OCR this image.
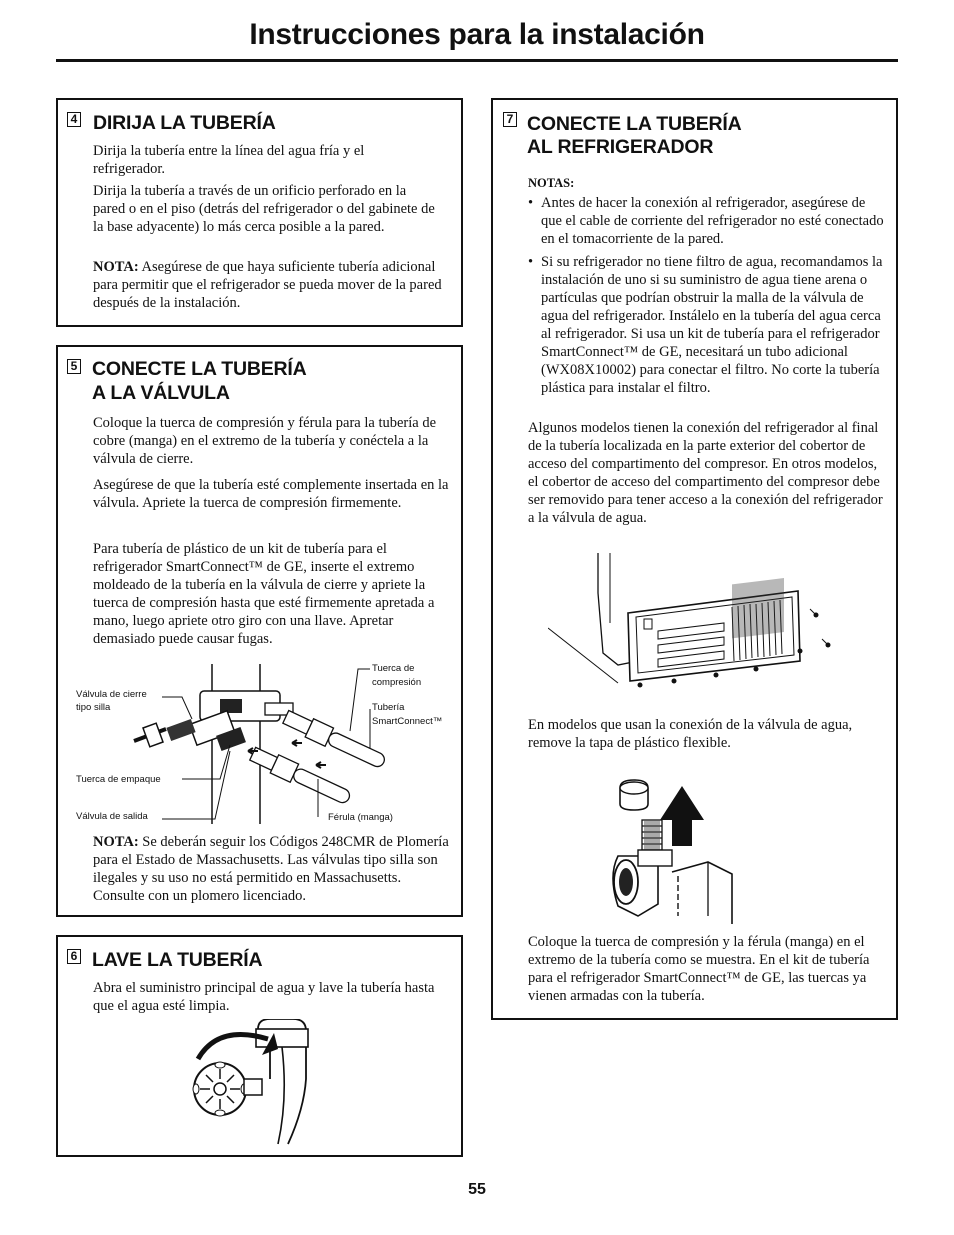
Instrucciones para la instalación
4 DIRIJA LA TUBERÍA

Dirija la tubería entre la línea del agua fría y el refrigerador.

Dirija la tubería a través de un orificio perforado en la pared o en el piso (detrás del refrigerador o del gabinete de la base adyacente) lo más cerca posible a la pared.

NOTA: Asegúrese de que haya suficiente tubería adicional para permitir que el refrigerador se pueda mover de la pared después de la instalación.

5 CONECTE LA TUBERÍA
A LA VÁLVULA

Coloque la tuerca de compresión y férula para la tubería de cobre (manga) en el extremo de la tubería y conéctela a la válvula de cierre.

Asegúrese de que la tubería esté complemente insertada en la válvula. Apriete la tuerca de compresión firmemente.

Para tubería de plástico de un kit de tubería para el refrigerador SmartConnect™ de GE, inserte el extremo moldeado de la tubería en la válvula de cierre y apriete la tuerca de compresión hasta que esté firmemente apretada a mano, luego apriete otro giro con una llave. Apretar demasiado puede causar fugas.

Válvula de cierre
tipo silla
Tuerca de empaque
Válvula de salida
Tuerca de
compresión
Tubería
SmartConnect™
Férula (manga)

NOTA: Se deberán seguir los Códigos 248CMR de Plomería para el Estado de Massachusetts. Las válvulas tipo silla son ilegales y su uso no está permitido en Massachusetts. Consulte con un plomero licenciado.

6 LAVE LA TUBERÍA

Abra el suministro principal de agua y lave la tubería hasta que el agua esté limpia.

7 CONECTE LA TUBERÍA
AL REFRIGERADOR
NOTAS:
• Antes de hacer la conexión al refrigerador, asegúrese de que el cable de corriente del refrigerador no esté conectado en el tomacorriente de la pared.
• Si su refrigerador no tiene filtro de agua, recomandamos la instalación de uno si su suministro de agua tiene arena o partículas que podrían obstruir la malla de la válvula de agua del refrigerador. Instálelo en la tubería del agua cerca al refrigerador. Si usa un kit de tubería para el refrigerador SmartConnect™ de GE, necesitará un tubo adicional (WX08X10002) para conectar el filtro. No corte la tubería plástica para instalar el filtro.

Algunos modelos tienen la conexión del refrigerador al final de la tubería localizada en la parte exterior del cobertor de acceso del compartimento del compresor. En otros modelos, el cobertor de acceso del compartimento del compresor debe ser removido para tener acceso a la conexión del refrigerador a la válvula de agua.

En modelos que usan la conexión de la válvula de agua, remove la tapa de plástico flexible.

Coloque la tuerca de compresión y la férula (manga) en el extremo de la tubería como se muestra. En el kit de tubería para el refrigerador SmartConnect™ de GE, las tuercas ya vienen armadas con la tubería.

55
